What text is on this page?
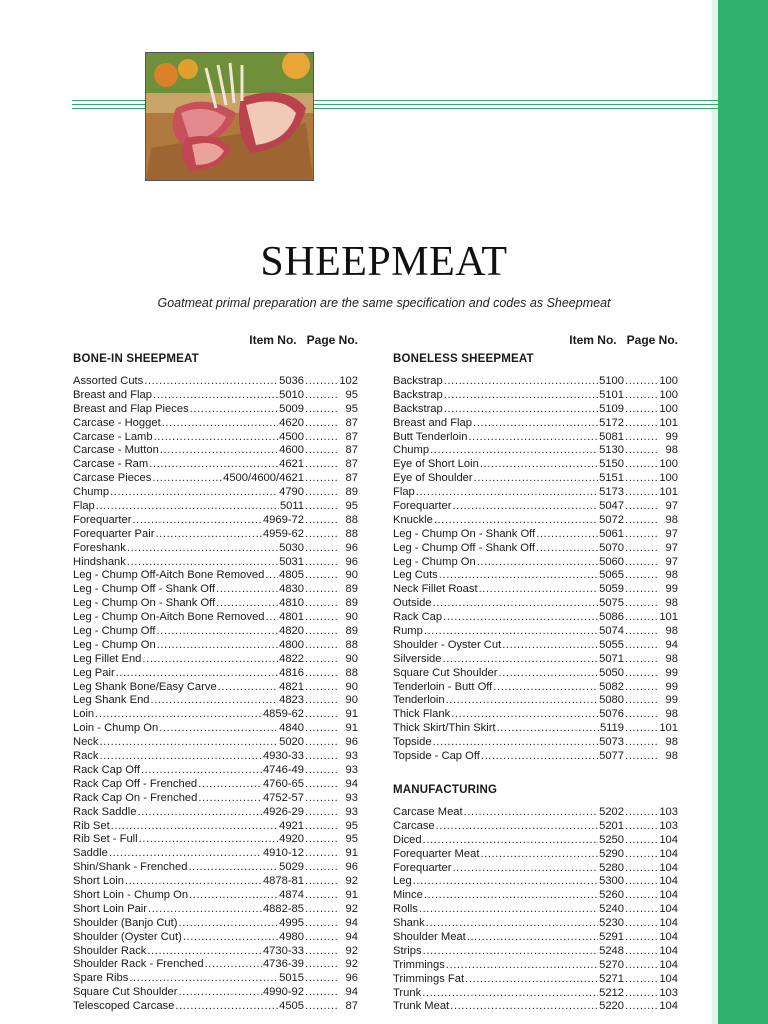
SHEEPMEAT
Goatmeat primal preparation are the same specification and codes as Sheepmeat
Item No. Page No.
BONE-IN SHEEPMEAT
Assorted Cuts .....	5036 .....	102
Breast and Flap .....	5010 .....	95
Breast and Flap Pieces .....	5009 .....	95
Carcase - Hogget .....	4620 .....	87
Carcase - Lamb .....	4500 .....	87
Carcase - Mutton .....	4600 .....	87
Carcase - Ram .....	4621 .....	87
Carcase Pieces .....	4500/4600/4621 .....	87
Chump .....	4790 .....	89
Flap .....	5011 .....	95
Forequarter .....	4969-72 .....	88
Forequarter Pair .....	4959-62 .....	88
Foreshank .....	5030 .....	96
Hindshank .....	5031 .....	96
Leg - Chump Off-Aitch Bone Removed ..... 4805 .....	90
Leg - Chump Off - Shank Off .....	4830 .....	89
Leg - Chump On - Shank Off .....	4810 .....	89
Leg - Chump On-Aitch Bone Removed ..... 4801 .....	90
Leg - Chump Off .....	4820 .....	89
Leg - Chump On .....	4800 .....	88
Leg Fillet End .....	4822 .....	90
Leg Pair .....	4816 .....	88
Leg Shank Bone/Easy Carve .....	4821 .....	90
Leg Shank End .....	4823 .....	90
Loin .....	4859-62 .....	91
Loin - Chump On .....	4840 .....	91
Neck .....	5020 .....	96
Rack .....	4930-33 .....	93
Rack Cap Off .....	4746-49 .....	93
Rack Cap Off - Frenched .....	4760-65 .....	94
Rack Cap On - Frenched .....	4752-57 .....	93
Rack Saddle .....	4926-29 .....	93
Rib Set .....	4921 .....	95
Rib Set - Full .....	4920 .....	95
Saddle .....	4910-12 .....	91
Shin/Shank - Frenched .....	5029 .....	96
Short Loin .....	4878-81 .....	92
Short Loin - Chump On .....	4874 .....	91
Short Loin Pair .....	4882-85 .....	92
Shoulder (Banjo Cut) .....	4995 .....	94
Shoulder (Oyster Cut) .....	4980 .....	94
Shoulder Rack .....	4730-33 .....	92
Shoulder Rack - Frenched .....	4736-39 .....	92
Spare Ribs .....	5015 .....	96
Square Cut Shoulder .....	4990-92 .....	94
Telescoped Carcase .....	4505 .....	87
Item No. Page No.
BONELESS SHEEPMEAT
Backstrap .....	5100 .....	100
Backstrap .....	5101 .....	100
Backstrap .....	5109 .....	100
Breast and Flap .....	5172 .....	101
Butt Tenderloin .....	5081 .....	99
Chump .....	5130 .....	98
Eye of Short Loin .....	5150 .....	100
Eye of Shoulder .....	5151 .....	100
Flap .....	5173 .....	101
Forequarter .....	5047 .....	97
Knuckle .....	5072 .....	98
Leg - Chump On - Shank Off .....	5061 .....	97
Leg - Chump Off - Shank Off .....	5070 .....	97
Leg - Chump On .....	5060 .....	97
Leg Cuts .....	5065 .....	98
Neck Fillet Roast .....	5059 .....	99
Outside .....	5075 .....	98
Rack Cap .....	5086 .....	101
Rump .....	5074 .....	98
Shoulder - Oyster Cut .....	5055 .....	94
Silverside .....	5071 .....	98
Square Cut Shoulder .....	5050 .....	99
Tenderloin - Butt Off .....	5082 .....	99
Tenderloin .....	5080 .....	99
Thick Flank .....	5076 .....	98
Thick Skirt/Thin Skirt .....	5119 .....	101
Topside .....	5073 .....	98
Topside - Cap Off .....	5077 .....	98
MANUFACTURING
Carcase Meat .....	5202 .....	103
Carcase .....	5201 .....	103
Diced .....	5250 .....	104
Forequarter Meat .....	5290 .....	104
Forequarter .....	5280 .....	104
Leg .....	5300 .....	104
Mince .....	5260 .....	104
Rolls .....	5240 .....	104
Shank .....	5230 .....	104
Shoulder Meat .....	5291 .....	104
Strips .....	5248 .....	104
Trimmings .....	5270 .....	104
Trimmings Fat .....	5271 .....	104
Trunk .....	5212 .....	103
Trunk Meat .....	5220 .....	104
